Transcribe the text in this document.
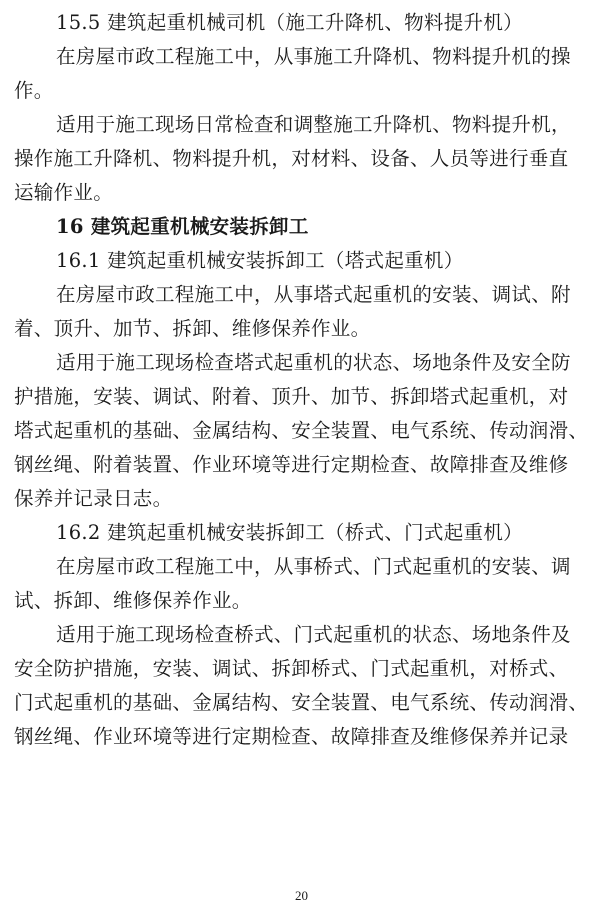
15.5 建筑起重机械司机（施工升降机、物料提升机）
在房屋市政工程施工中，从事施工升降机、物料提升机的操
作。
适用于施工现场日常检查和调整施工升降机、物料提升机，
操作施工升降机、物料提升机，对材料、设备、人员等进行垂直
运输作业。
16 建筑起重机械安装拆卸工
16.1 建筑起重机械安装拆卸工（塔式起重机）
在房屋市政工程施工中，从事塔式起重机的安装、调试、附
着、顶升、加节、拆卸、维修保养作业。
适用于施工现场检查塔式起重机的状态、场地条件及安全防
护措施，安装、调试、附着、顶升、加节、拆卸塔式起重机，对
塔式起重机的基础、金属结构、安全装置、电气系统、传动润滑、
钢丝绳、附着装置、作业环境等进行定期检查、故障排查及维修
保养并记录日志。
16.2 建筑起重机械安装拆卸工（桥式、门式起重机）
在房屋市政工程施工中，从事桥式、门式起重机的安装、调
试、拆卸、维修保养作业。
适用于施工现场检查桥式、门式起重机的状态、场地条件及
安全防护措施，安装、调试、拆卸桥式、门式起重机，对桥式、
门式起重机的基础、金属结构、安全装置、电气系统、传动润滑、
钢丝绳、作业环境等进行定期检查、故障排查及维修保养并记录
20
